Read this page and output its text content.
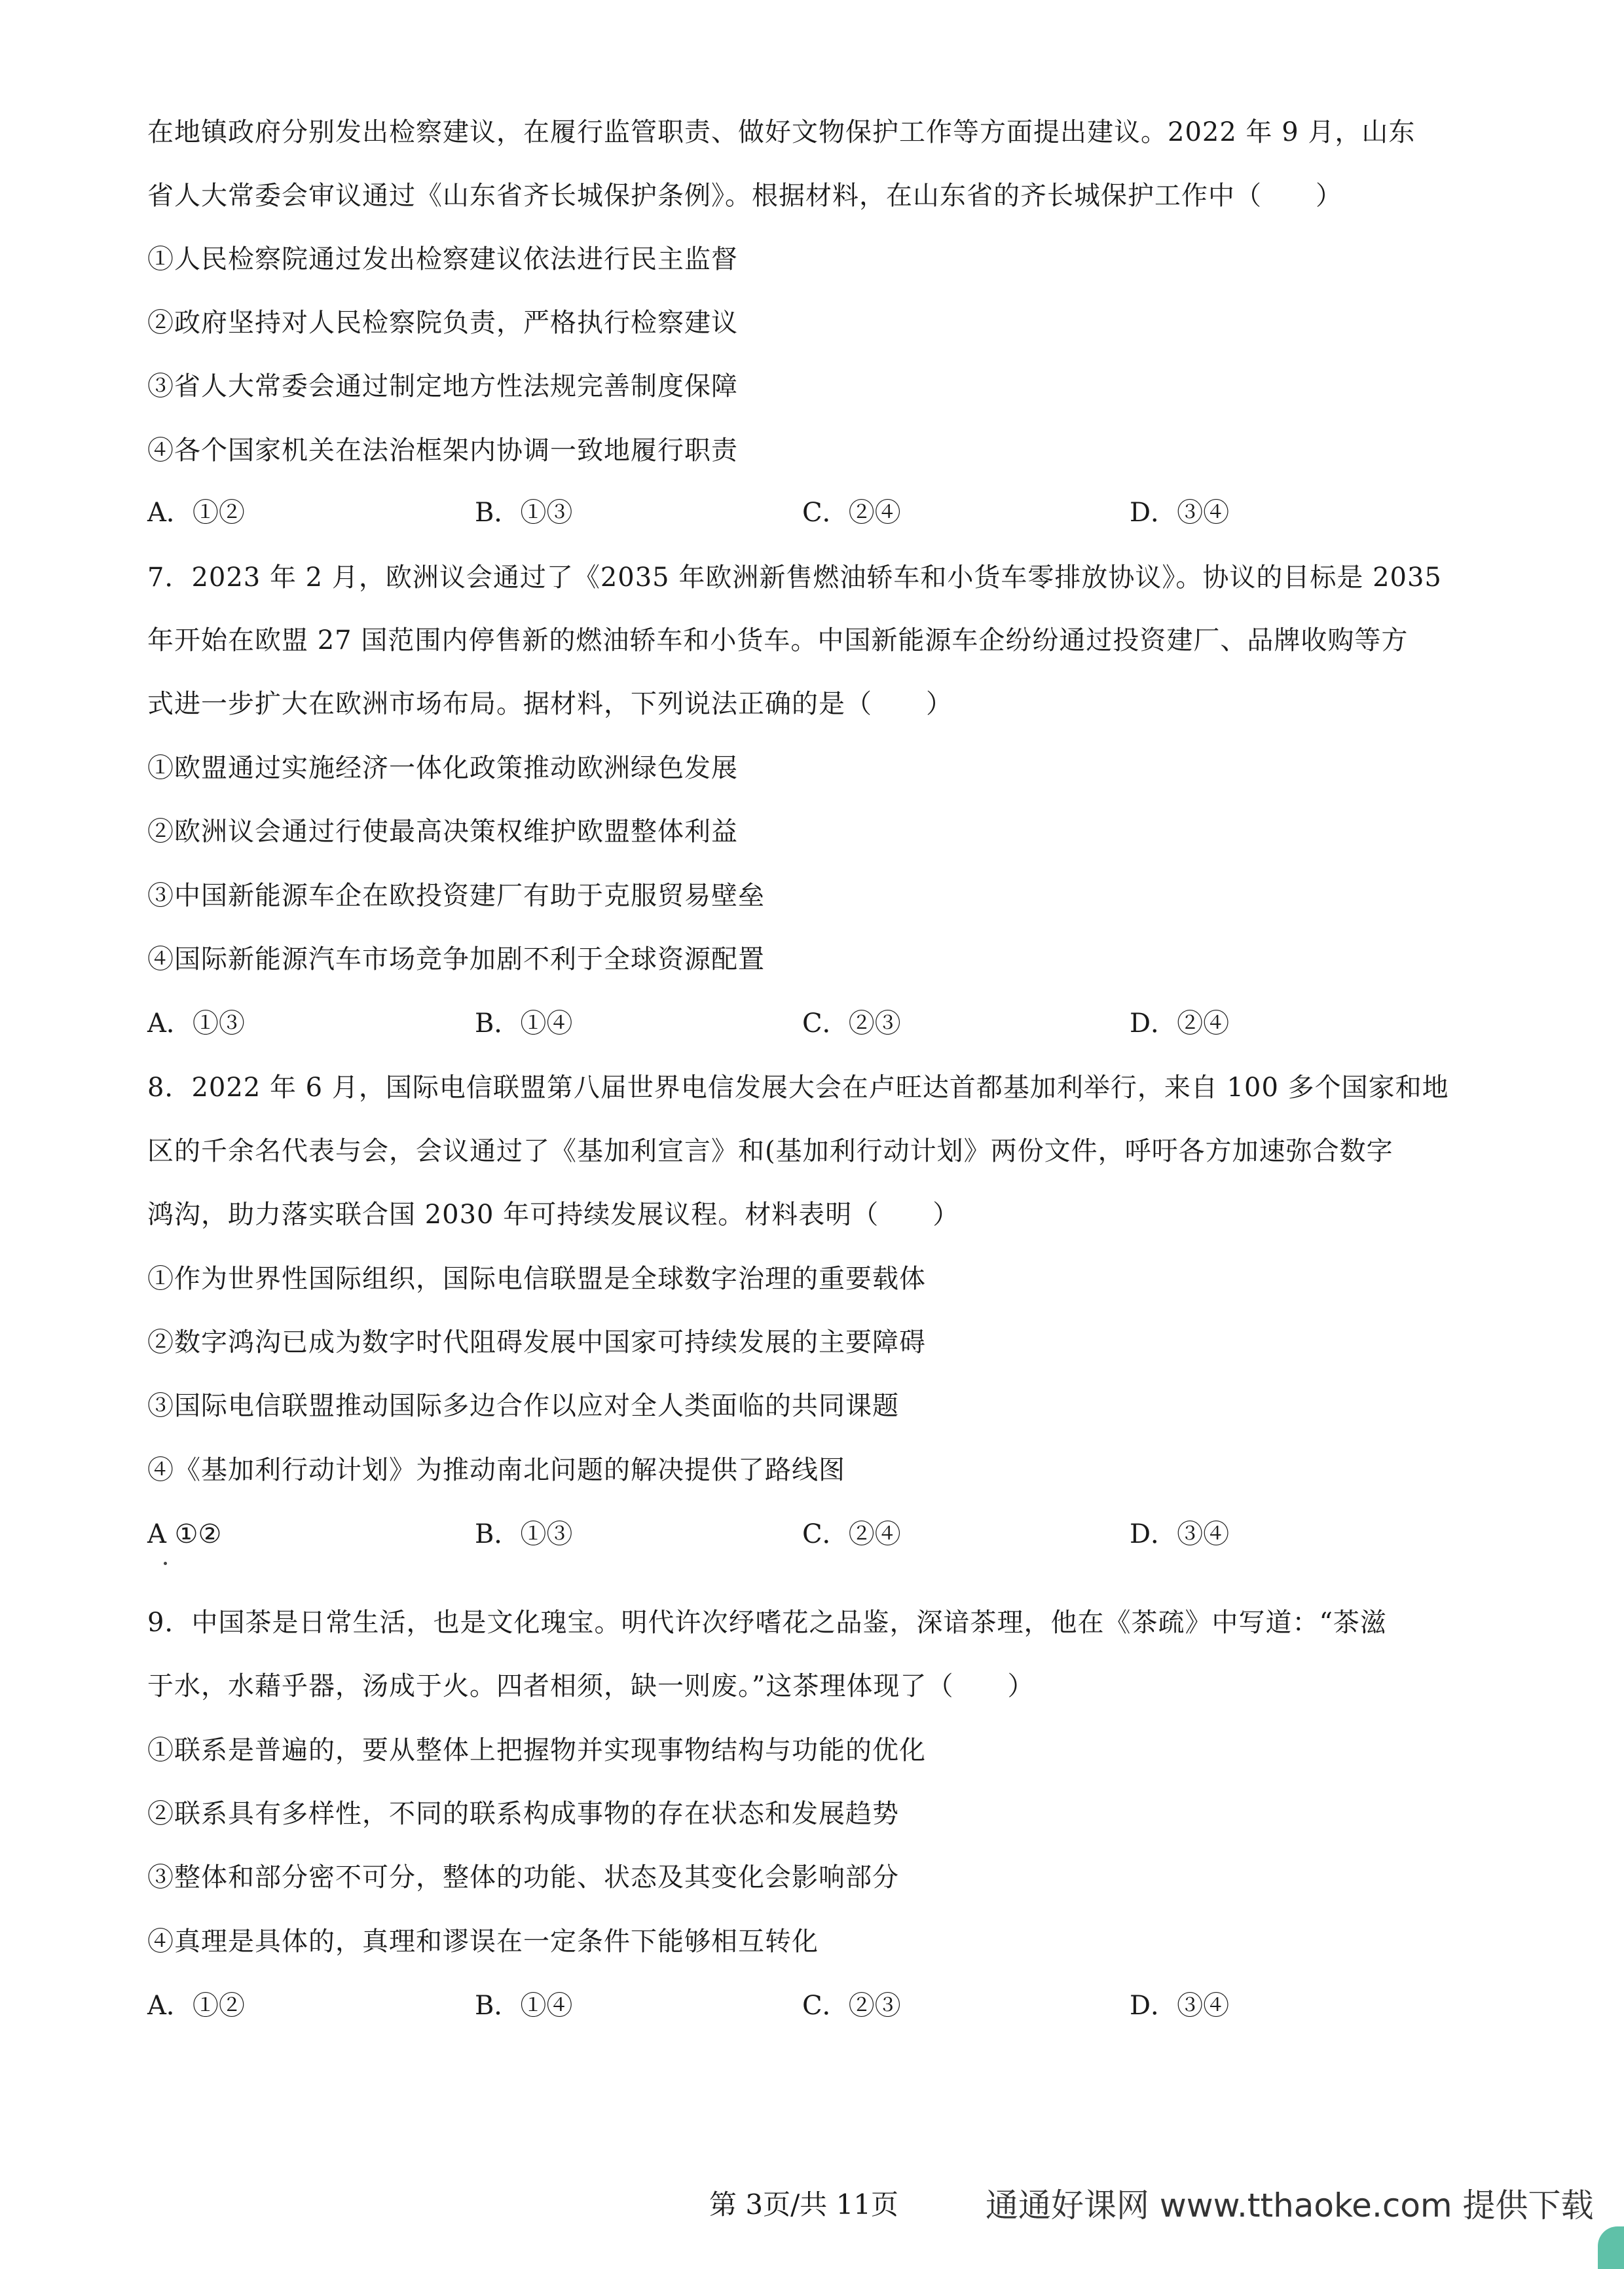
在地镇政府分别发出检察建议，在履行监管职责、做好文物保护工作等方面提出建议。2022 年 9 月，山东
省人大常委会审议通过《山东省齐长城保护条例》。根据材料，在山东省的齐长城保护工作中（　　）
①人民检察院通过发出检察建议依法进行民主监督
②政府坚持对人民检察院负责，严格执行检察建议
③省人大常委会通过制定地方性法规完善制度保障
④各个国家机关在法治框架内协调一致地履行职责
A．①②	B．①③	C．②④	D．③④
7．2023 年 2 月，欧洲议会通过了《2035 年欧洲新售燃油轿车和小货车零排放协议》。协议的目标是 2035
年开始在欧盟 27 国范围内停售新的燃油轿车和小货车。中国新能源车企纷纷通过投资建厂、品牌收购等方
式进一步扩大在欧洲市场布局。据材料，下列说法正确的是（　　）
①欧盟通过实施经济一体化政策推动欧洲绿色发展
②欧洲议会通过行使最高决策权维护欧盟整体利益
③中国新能源车企在欧投资建厂有助于克服贸易壁垒
④国际新能源汽车市场竞争加剧不利于全球资源配置
A．①③	B．①④	C．②③	D．②④
8．2022 年 6 月，国际电信联盟第八届世界电信发展大会在卢旺达首都基加利举行，来自 100 多个国家和地
区的千余名代表与会，会议通过了《基加利宣言》和(基加利行动计划》两份文件，呼吁各方加速弥合数字
鸿沟，助力落实联合国 2030 年可持续发展议程。材料表明（　　）
①作为世界性国际组织，国际电信联盟是全球数字治理的重要载体
②数字鸿沟已成为数字时代阻碍发展中国家可持续发展的主要障碍
③国际电信联盟推动国际多边合作以应对全人类面临的共同课题
④《基加利行动计划》为推动南北问题的解决提供了路线图
A ①②	B．①③	C．②④	D．③④
9．中国茶是日常生活，也是文化瑰宝。明代许次纾嗜花之品鉴，深谙茶理，他在《茶疏》中写道：“茶滋
于水，水藉乎器，汤成于火。四者相须，缺一则废。”这茶理体现了（　　）
①联系是普遍的，要从整体上把握物并实现事物结构与功能的优化
②联系具有多样性，不同的联系构成事物的存在状态和发展趋势
③整体和部分密不可分，整体的功能、状态及其变化会影响部分
④真理是具体的，真理和谬误在一定条件下能够相互转化
A．①②	B．①④	C．②③	D．③④
第 3页/共 11页	通通好课网 www.tthaoke.com 提供下载
